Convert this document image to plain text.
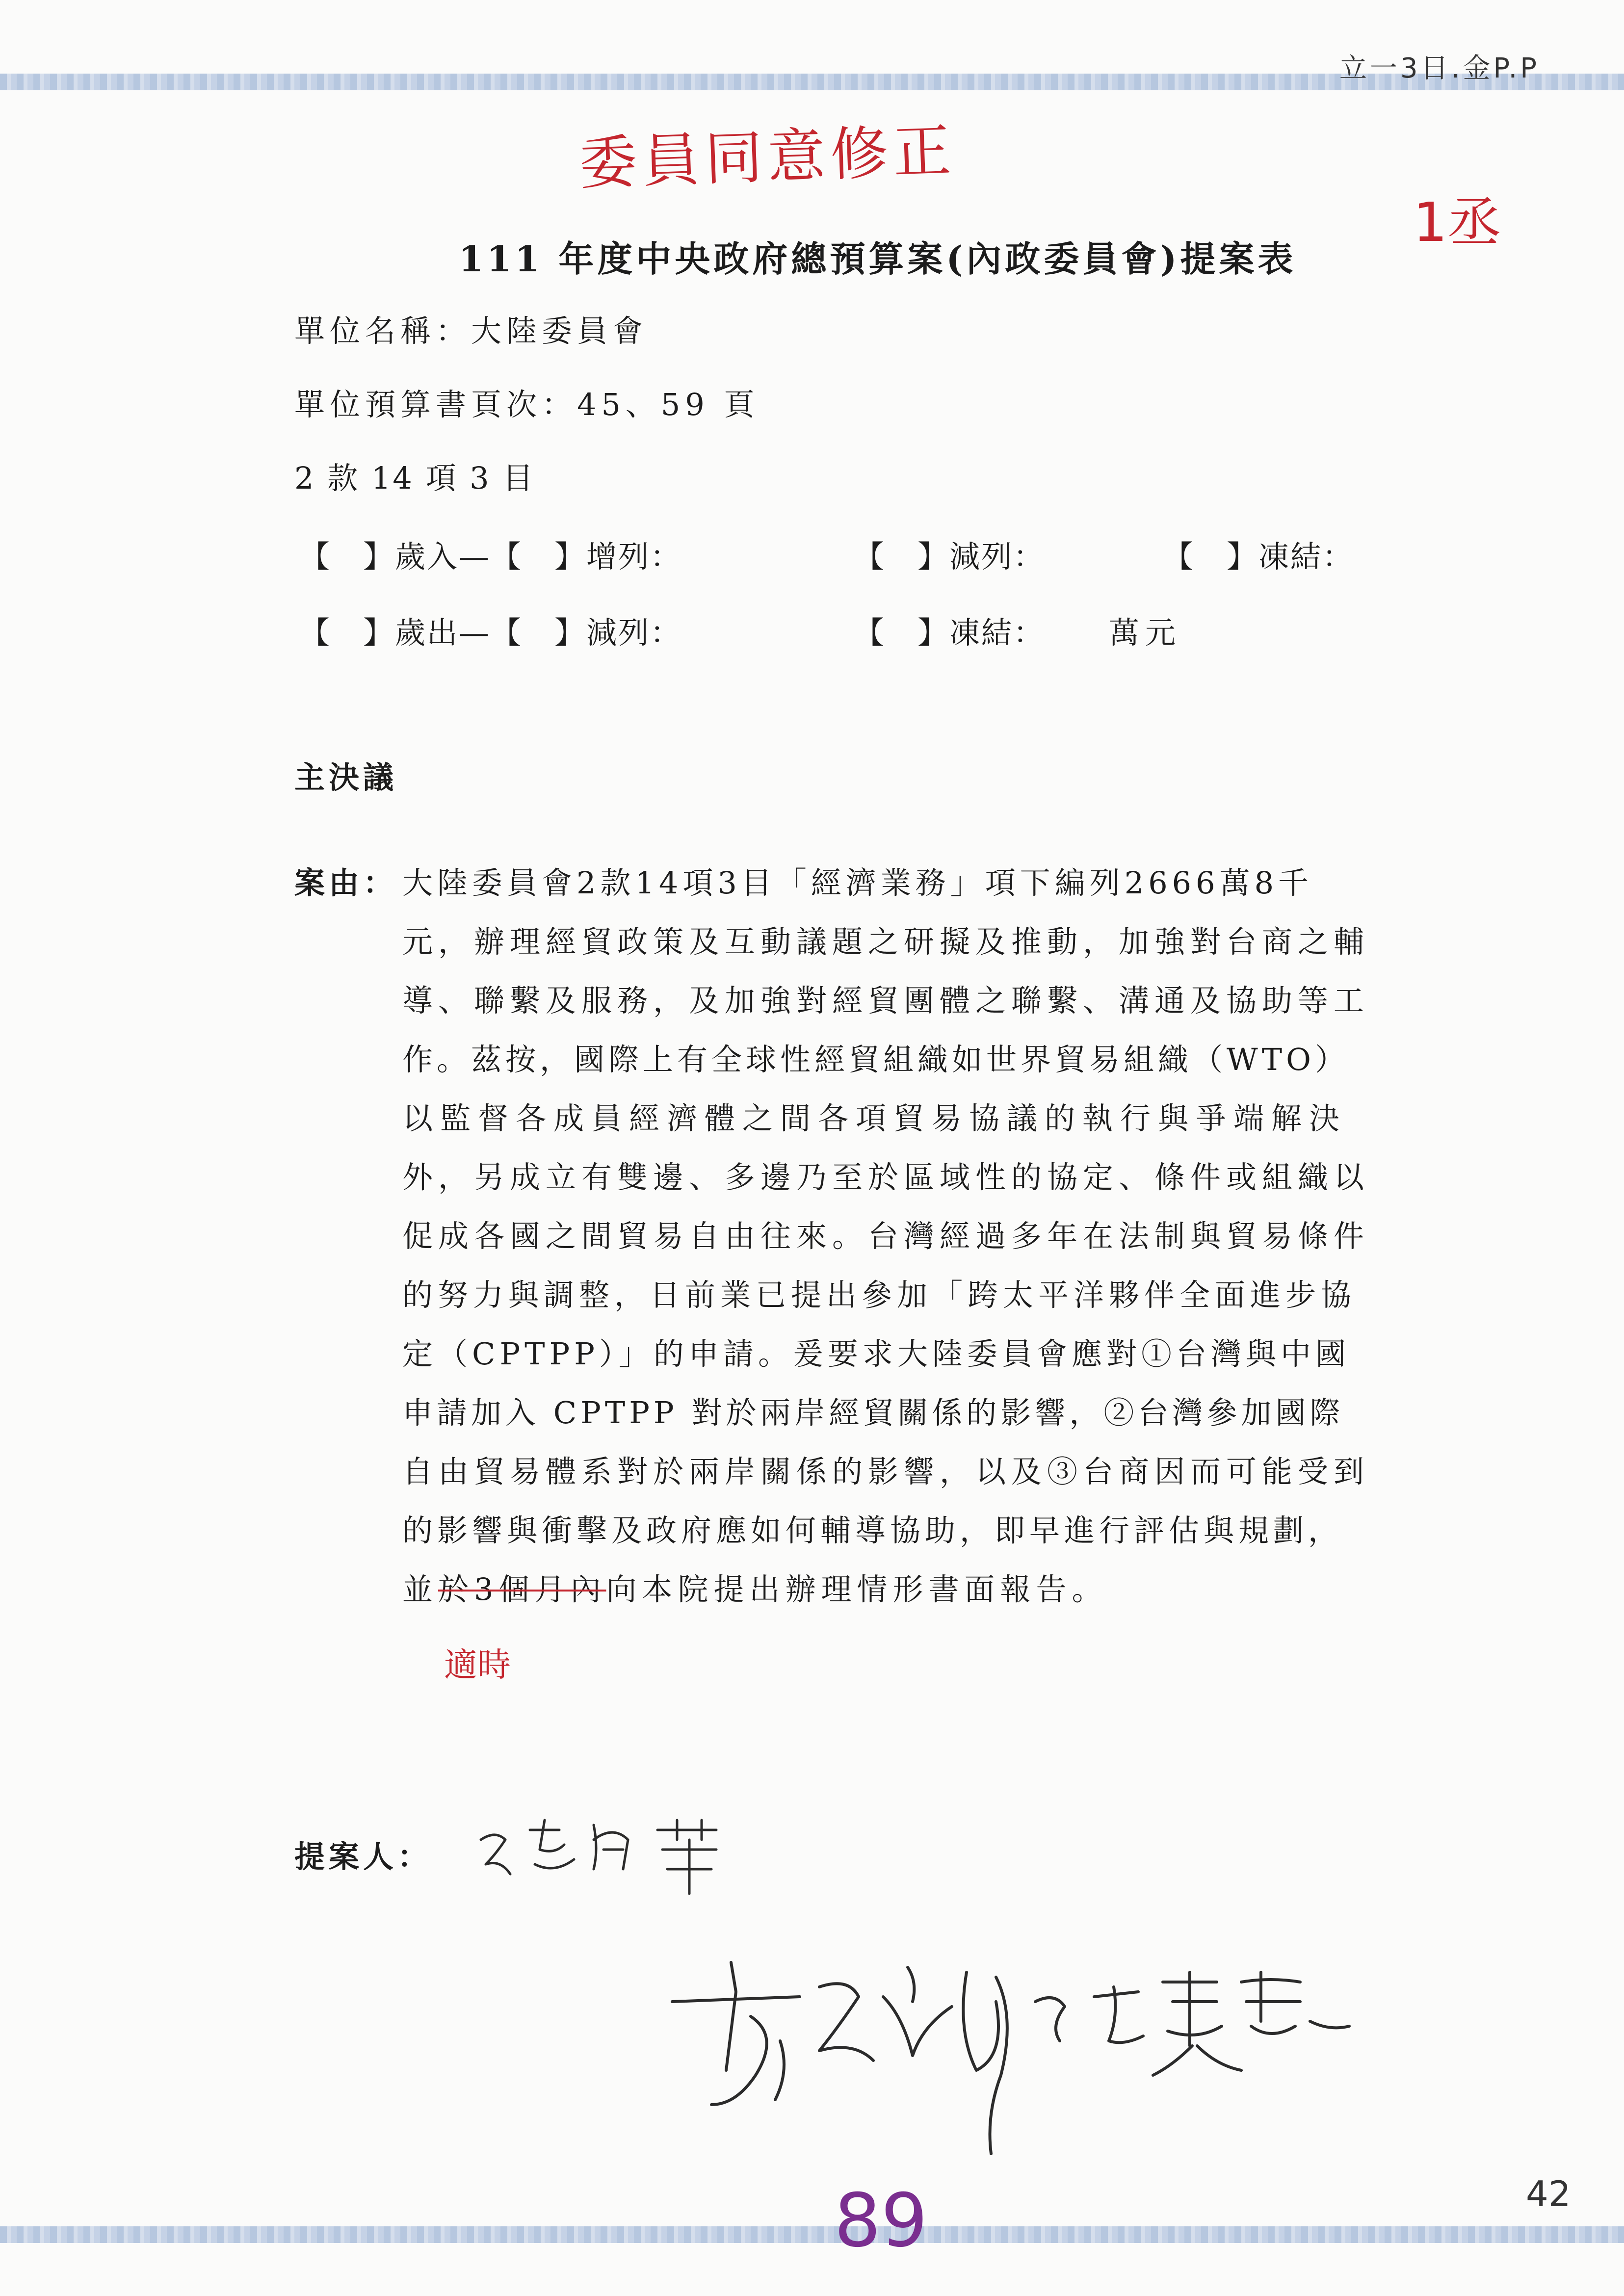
立一3日.金P.P
委員同意修正
1丞
111 年度中央政府總預算案(內政委員會)提案表
單位名稱：大陸委員會
單位預算書頁次：45、59 頁
2 款 14 項 3 目
【　】歲入—【　】增列：	【　】減列：	【　】凍結：
【　】歲出—【　】減列：	【　】凍結： 萬元
主決議
案由： 大陸委員會2款14項3目「經濟業務」項下編列2666萬8千
元，辦理經貿政策及互動議題之研擬及推動，加強對台商之輔
導、聯繫及服務，及加強對經貿團體之聯繫、溝通及協助等工
作。茲按，國際上有全球性經貿組織如世界貿易組織（WTO）
以監督各成員經濟體之間各項貿易協議的執行與爭端解決
外，另成立有雙邊、多邊乃至於區域性的協定、條件或組織以
促成各國之間貿易自由往來。台灣經過多年在法制與貿易條件
的努力與調整，日前業已提出參加「跨太平洋夥伴全面進步協
定（CPTPP）」的申請。爰要求大陸委員會應對①台灣與中國
申請加入 CPTPP 對於兩岸經貿關係的影響，②台灣參加國際
自由貿易體系對於兩岸關係的影響，以及③台商因而可能受到
的影響與衝擊及政府應如何輔導協助，即早進行評估與規劃，
並於3個月內向本院提出辦理情形書面報告。
適時
提案人：
89	42
